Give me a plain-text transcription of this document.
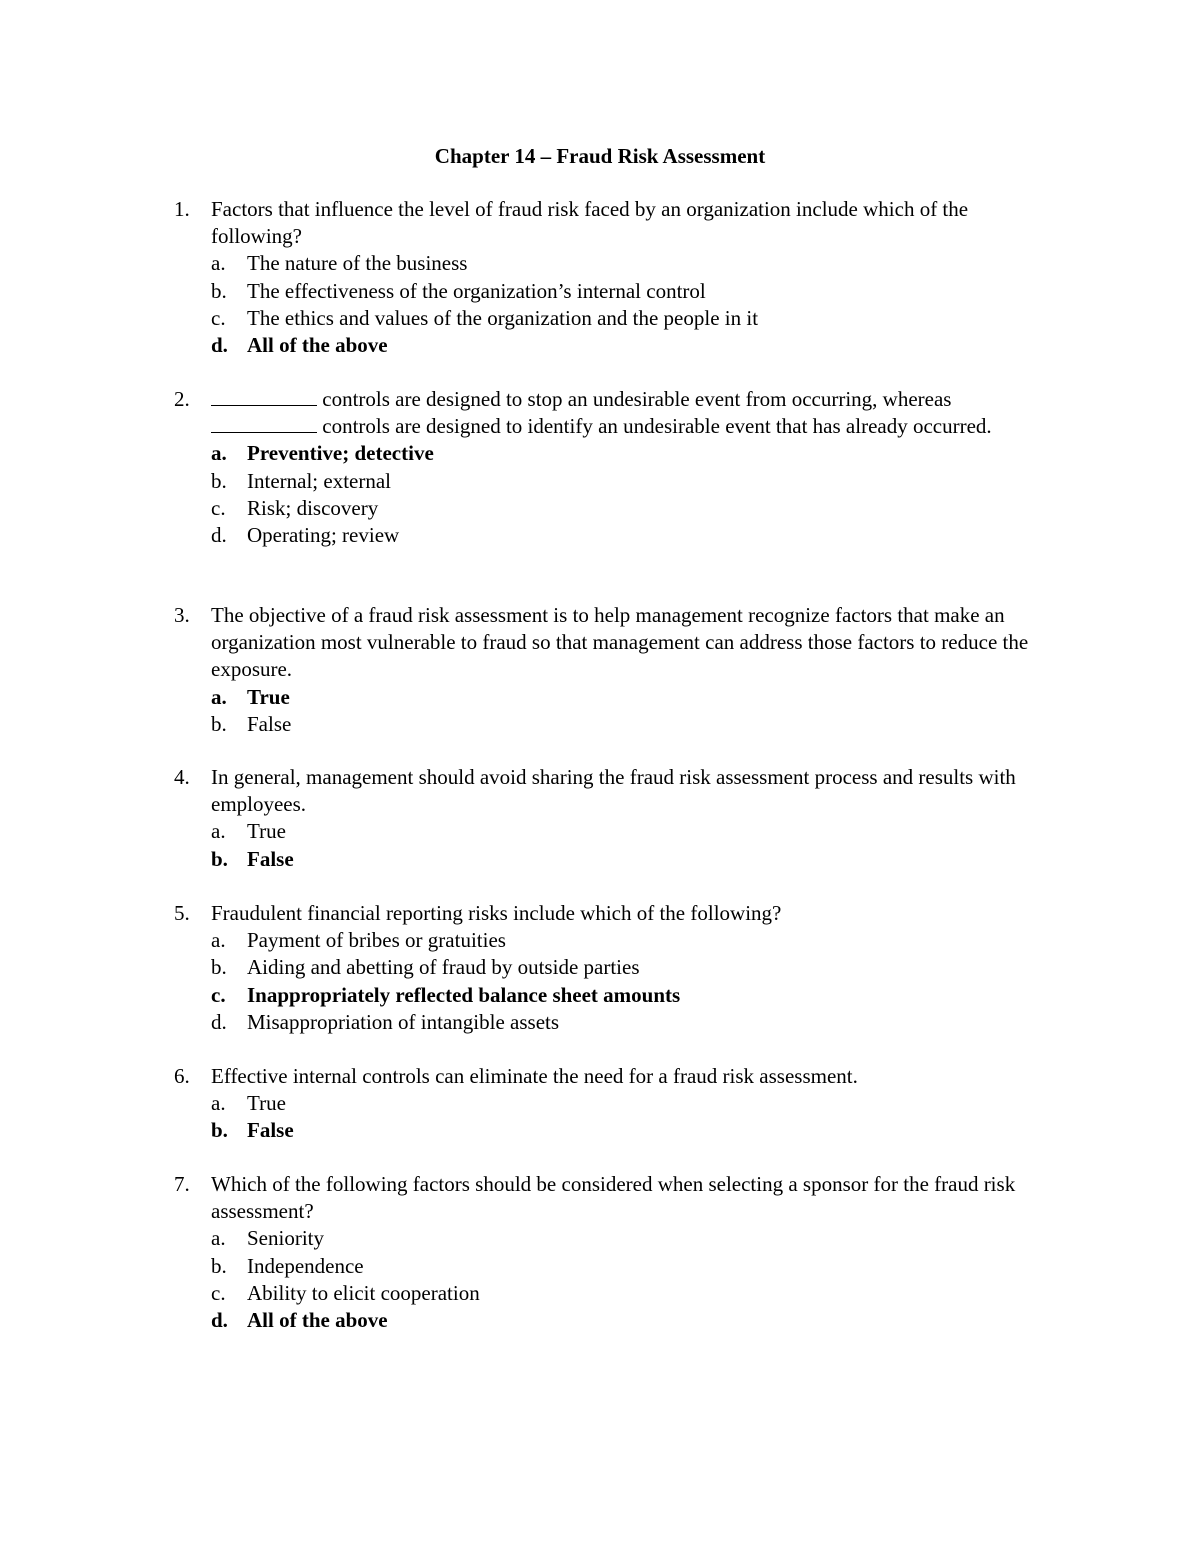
Chapter 14 – Fraud Risk Assessment
1. Factors that influence the level of fraud risk faced by an organization include which of the following?
a. The nature of the business
b. The effectiveness of the organization’s internal control
c. The ethics and values of the organization and the people in it
d. All of the above
2.	controls are designed to stop an undesirable event from occurring, whereas  controls are designed to identify an undesirable event that has already occurred.
a. Preventive; detective
b. Internal; external
c. Risk; discovery
d. Operating; review
3. The objective of a fraud risk assessment is to help management recognize factors that make an organization most vulnerable to fraud so that management can address those factors to reduce the exposure.
a. True
b. False
4. In general, management should avoid sharing the fraud risk assessment process and results with employees.
a. True
b. False
5. Fraudulent financial reporting risks include which of the following?
a. Payment of bribes or gratuities
b. Aiding and abetting of fraud by outside parties
c. Inappropriately reflected balance sheet amounts
d. Misappropriation of intangible assets
6. Effective internal controls can eliminate the need for a fraud risk assessment.
a. True
b. False
7. Which of the following factors should be considered when selecting a sponsor for the fraud risk assessment?
a. Seniority
b. Independence
c. Ability to elicit cooperation
d. All of the above
